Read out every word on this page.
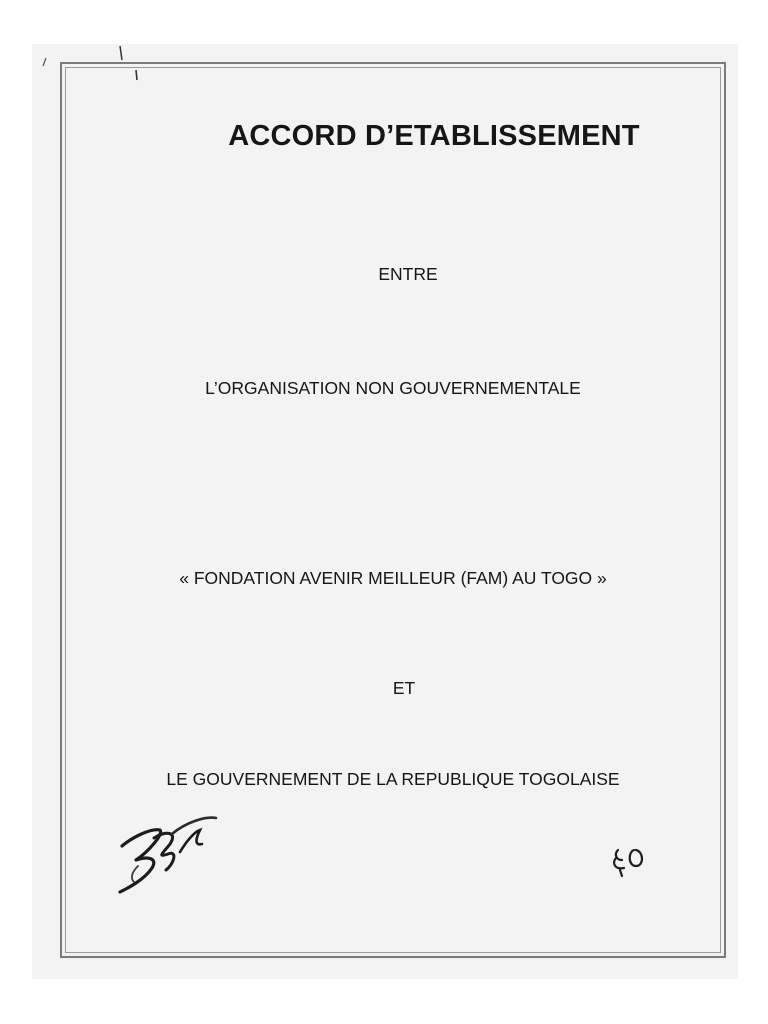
ACCORD D’ETABLISSEMENT
ENTRE
L’ORGANISATION NON GOUVERNEMENTALE
« FONDATION AVENIR MEILLEUR (FAM) AU TOGO »
ET
LE GOUVERNEMENT DE LA REPUBLIQUE TOGOLAISE
